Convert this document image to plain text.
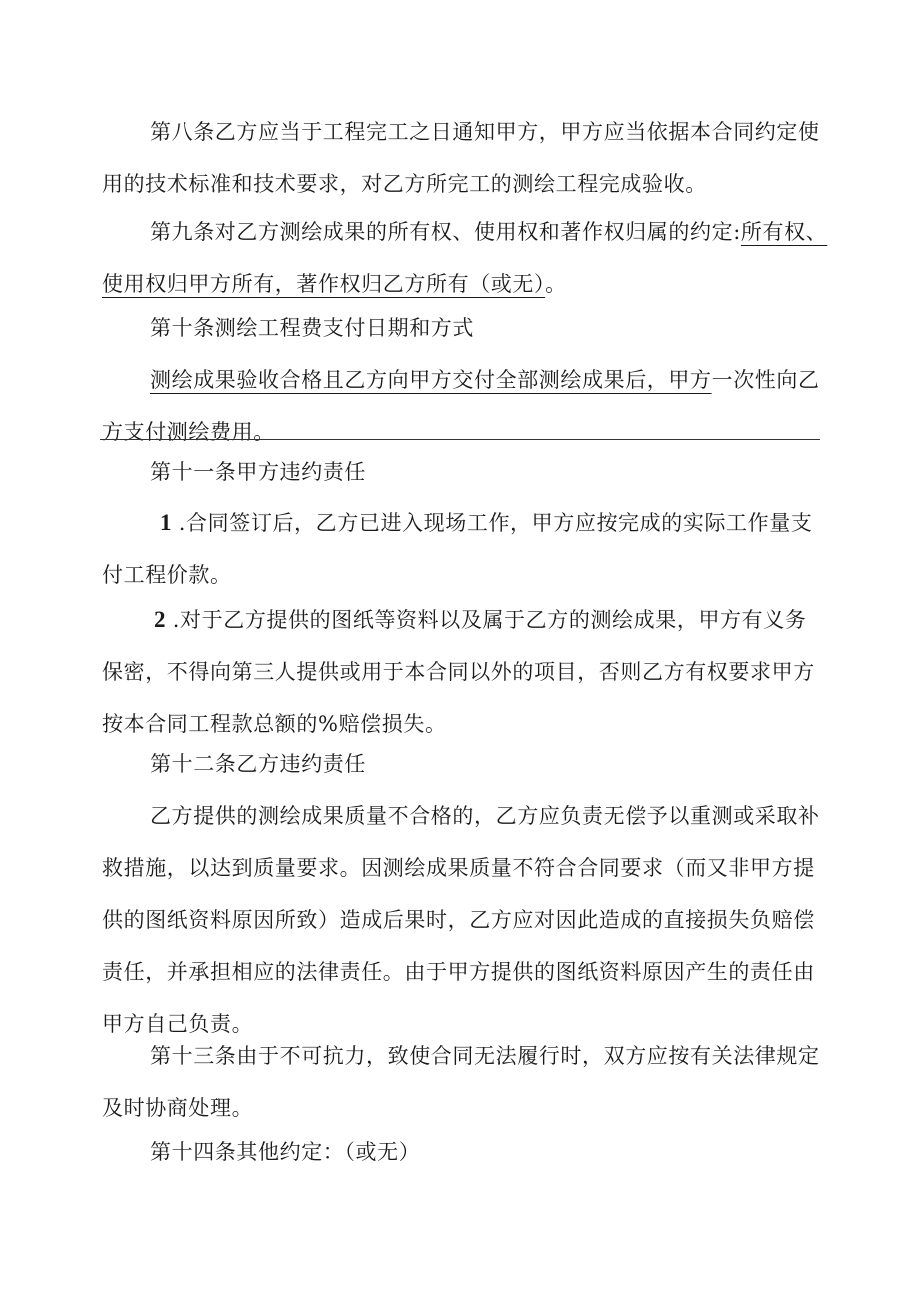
第八条乙方应当于工程完工之日通知甲方，甲方应当依据本合同约定使
用的技术标准和技术要求，对乙方所完工的测绘工程完成验收。
第九条对乙方测绘成果的所有权、使用权和著作权归属的约定:所有权、
使用权归甲方所有，著作权归乙方所有（或无）。
第十条测绘工程费支付日期和方式
测绘成果验收合格且乙方向甲方交付全部测绘成果后，甲方一次性向乙
方支付测绘费用。
第十一条甲方违约责任
1 .合同签订后，乙方已进入现场工作，甲方应按完成的实际工作量支
付工程价款。
2 .对于乙方提供的图纸等资料以及属于乙方的测绘成果，甲方有义务
保密，不得向第三人提供或用于本合同以外的项目，否则乙方有权要求甲方
按本合同工程款总额的%赔偿损失。
第十二条乙方违约责任
乙方提供的测绘成果质量不合格的，乙方应负责无偿予以重测或采取补
救措施，以达到质量要求。因测绘成果质量不符合合同要求（而又非甲方提
供的图纸资料原因所致）造成后果时，乙方应对因此造成的直接损失负赔偿
责任，并承担相应的法律责任。由于甲方提供的图纸资料原因产生的责任由
甲方自己负责。
第十三条由于不可抗力，致使合同无法履行时，双方应按有关法律规定
及时协商处理。
第十四条其他约定：（或无）
